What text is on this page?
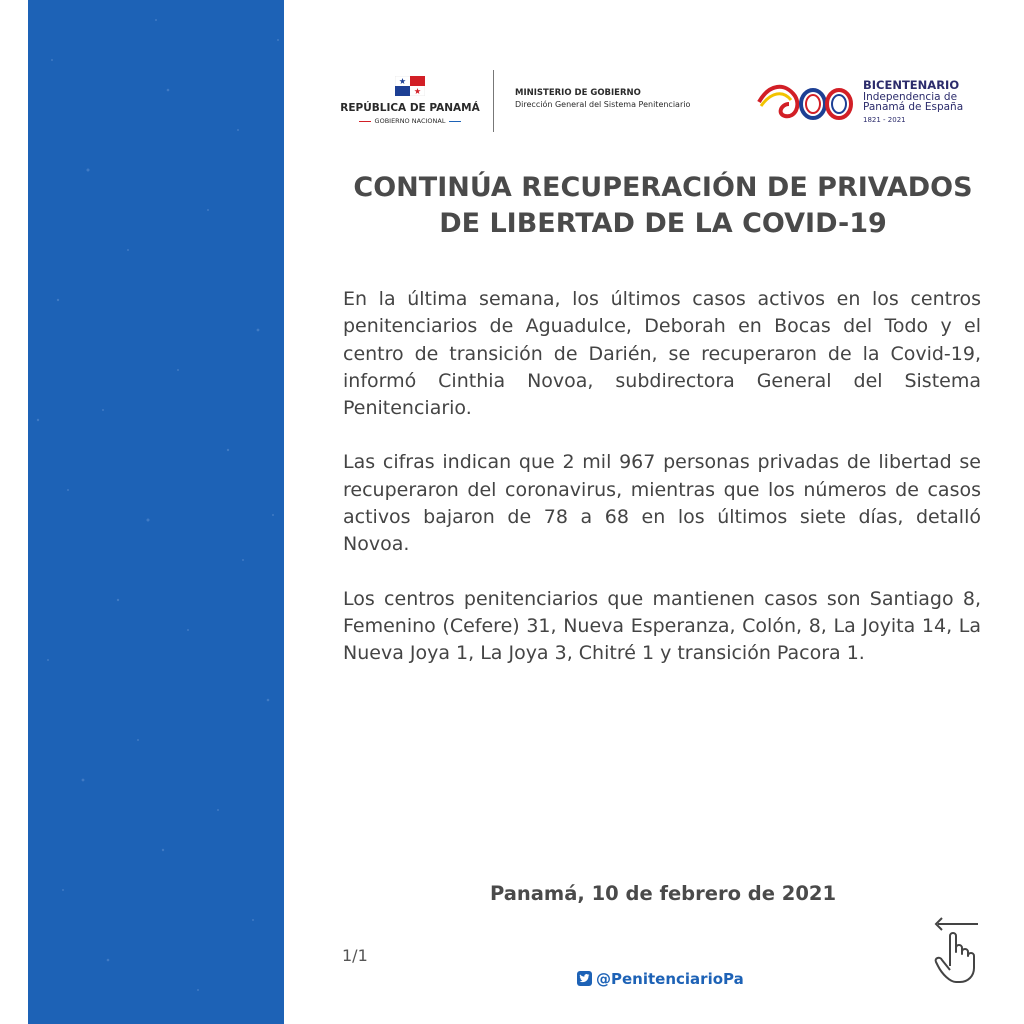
REPÚBLICA DE PANAMÁ
GOBIERNO NACIONAL
MINISTERIO DE GOBIERNO
Dirección General del Sistema Penitenciario
BICENTENARIO
Independencia de
Panamá de España
1821 - 2021
CONTINÚA RECUPERACIÓN DE PRIVADOS
DE LIBERTAD DE LA COVID-19

En la última semana, los últimos casos activos en los centros penitenciarios de Aguadulce, Deborah en Bocas del Todo y el centro de transición de Darién, se recuperaron de la Covid-19, informó Cinthia Novoa, subdirectora General del Sistema Penitenciario.

Las cifras indican que 2 mil 967 personas privadas de libertad se recuperaron del coronavirus, mientras que los números de casos activos bajaron de 78 a 68 en los últimos siete días, detalló Novoa.

Los centros penitenciarios que mantienen casos son Santiago 8, Femenino (Cefere) 31, Nueva Esperanza, Colón, 8, La Joyita 14, La Nueva Joya 1, La Joya 3, Chitré 1 y transición Pacora 1.

Panamá, 10 de febrero de 2021
1/1
@PenitenciarioPa
